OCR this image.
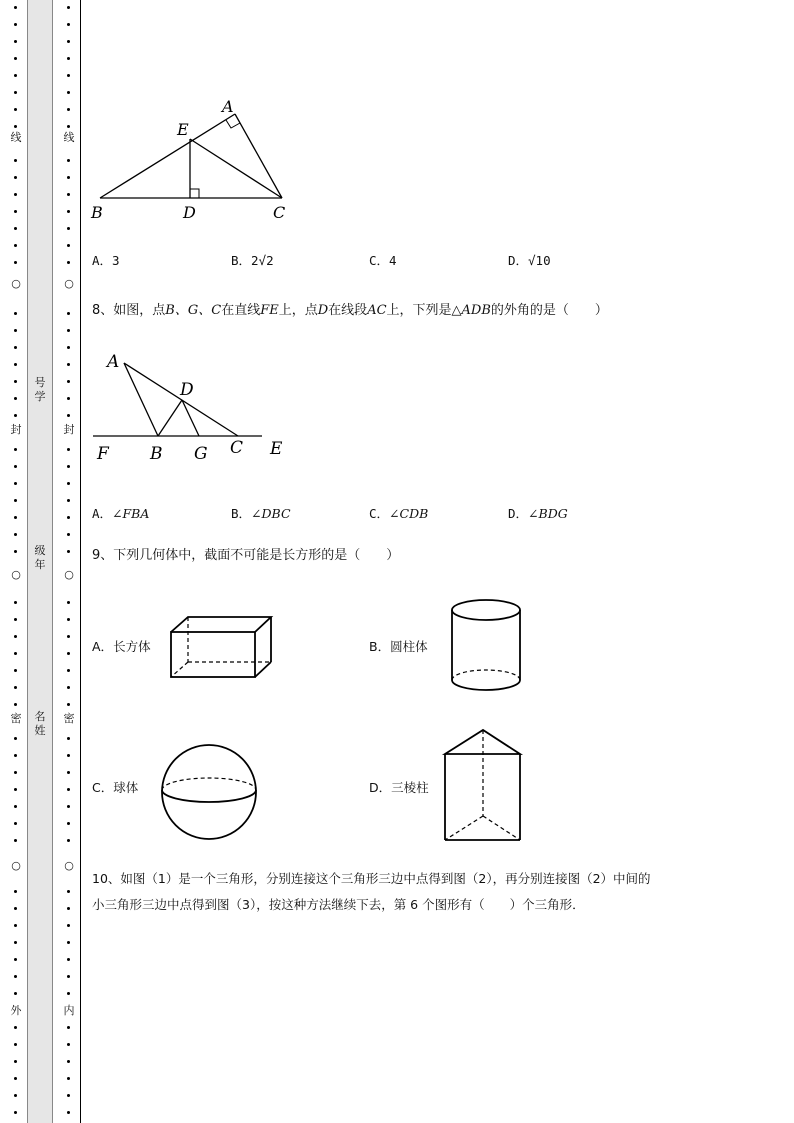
线
○
封
○
密
○
外
号学
级年
名姓
线
○
封
○
密
○
内
A
E
B	D	C
A．3	B．2√2	C．4	D．√10
8、如图，点B、G、C在直线FE上，点D在线段AC上，下列是△ADB的外角的是（　　）
A
D
F B G C E
A．∠FBA	B．∠DBC	C．∠CDB	D．∠BDG
9、下列几何体中，截面不可能是长方形的是（　　）
A．长方体	B．圆柱体
C．球体	D．三棱柱
10、如图（1）是一个三角形，分别连接这个三角形三边中点得到图（2），再分别连接图（2）中间的
小三角形三边中点得到图（3），按这种方法继续下去，第 6 个图形有（　　）个三角形．
